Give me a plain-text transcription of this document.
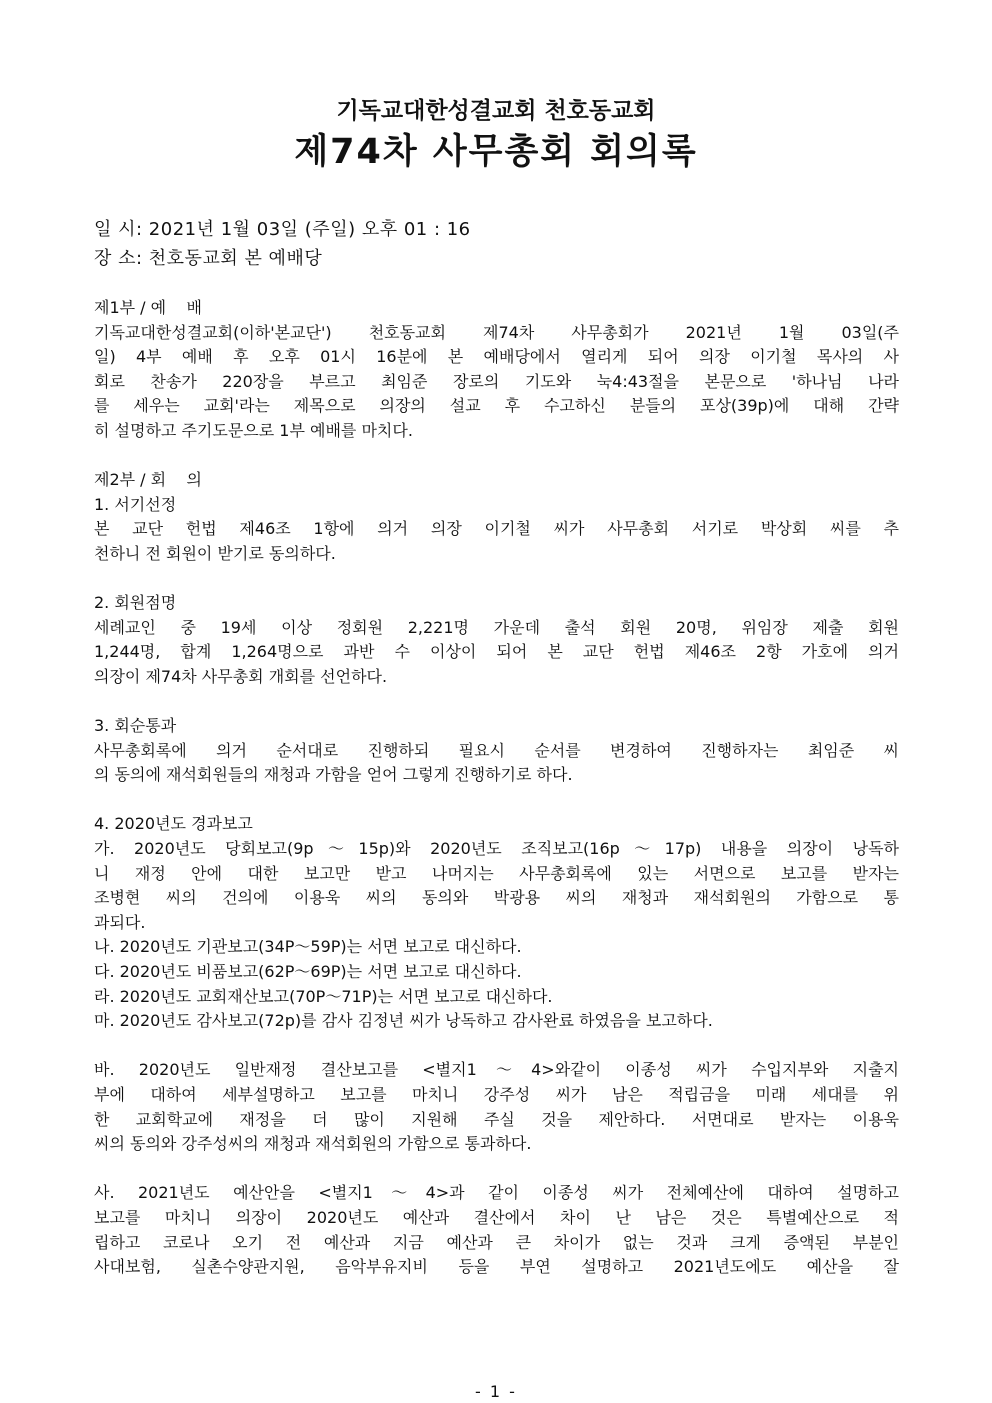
기독교대한성결교회 천호동교회
제74차 사무총회 회의록
일 시: 2021년 1월 03일 (주일) 오후 01 : 16
장 소: 천호동교회 본 예배당
제1부 / 예    배
기독교대한성결교회(이하'본교단') 천호동교회 제74차 사무총회가 2021년 1월 03일(주
일) 4부 예배 후 오후 01시 16분에 본 예배당에서 열리게 되어 의장 이기철 목사의 사
회로 찬송가 220장을 부르고 최임준 장로의 기도와 눅4:43절을 본문으로 '하나님 나라
를 세우는 교회'라는 제목으로 의장의 설교 후 수고하신 분들의 포상(39p)에 대해 간략
히 설명하고 주기도문으로 1부 예배를 마치다.
제2부 / 회    의
1. 서기선정
본 교단 헌법 제46조 1항에 의거 의장 이기철 씨가 사무총회 서기로 박상회 씨를 추
천하니 전 회원이 받기로 동의하다.
2. 회원점명
세례교인 중 19세 이상 정회원 2,221명 가운데 출석 회원 20명, 위임장 제출 회원
1,244명, 합계 1,264명으로 과반 수 이상이 되어 본 교단 헌법 제46조 2항 가호에 의거
의장이 제74차 사무총회 개회를 선언하다.
3. 회순통과
사무총회록에 의거 순서대로 진행하되 필요시 순서를 변경하여 진행하자는 최임준 씨
의 동의에 재석회원들의 재청과 가함을 얻어 그렇게 진행하기로 하다.
4. 2020년도 경과보고
가. 2020년도 당회보고(9p～15p)와 2020년도 조직보고(16p～17p) 내용을 의장이 낭독하
니 재정 안에 대한 보고만 받고 나머지는 사무총회록에 있는 서면으로 보고를 받자는
조병현 씨의 건의에 이용욱 씨의 동의와 박광용 씨의 재청과 재석회원의 가함으로 통
과되다.
나. 2020년도 기관보고(34P～59P)는 서면 보고로 대신하다.
다. 2020년도 비품보고(62P～69P)는 서면 보고로 대신하다.
라. 2020년도 교회재산보고(70P～71P)는 서면 보고로 대신하다.
마. 2020년도 감사보고(72p)를 감사 김정년 씨가 낭독하고 감사완료 하였음을 보고하다.
바. 2020년도 일반재정 결산보고를 <별지1～4>와같이 이종성 씨가 수입지부와 지출지
부에 대하여 세부설명하고 보고를 마치니 강주성 씨가 남은 적립금을 미래 세대를 위
한 교회학교에 재정을 더 많이 지원해 주실 것을 제안하다. 서면대로 받자는 이용욱
씨의 동의와 강주성씨의 재청과 재석회원의 가함으로 통과하다.
사. 2021년도 예산안을 <별지1～4>과 같이 이종성 씨가 전체예산에 대하여 설명하고
보고를 마치니 의장이 2020년도 예산과 결산에서 차이 난 남은 것은 특별예산으로 적
립하고 코로나 오기 전 예산과 지금 예산과 큰 차이가 없는 것과 크게 증액된 부분인
사대보험, 실촌수양관지원, 음악부유지비 등을 부연 설명하고 2021년도에도 예산을 잘
- 1 -
